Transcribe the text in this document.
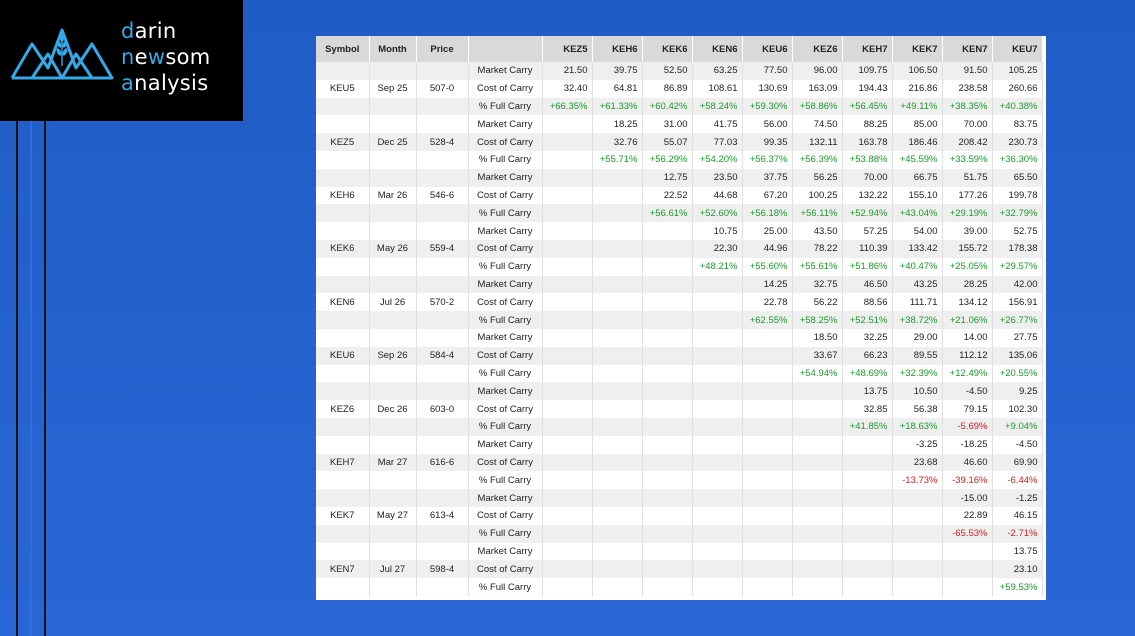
darin
newsom
analysis
Symbol	Month	Price		KEZ5	KEH6	KEK6	KEN6	KEU6	KEZ6	KEH7	KEK7	KEN7	KEU7
			Market Carry	21.50	39.75	52.50	63.25	77.50	96.00	109.75	106.50	91.50	105.25
KEU5	Sep 25	507-0	Cost of Carry	32.40	64.81	86.89	108.61	130.69	163.09	194.43	216.86	238.58	260.66
			% Full Carry	+66.35%	+61.33%	+60.42%	+58.24%	+59.30%	+58.86%	+56.45%	+49.11%	+38.35%	+40.38%
			Market Carry		18.25	31.00	41.75	56.00	74.50	88.25	85.00	70.00	83.75
KEZ5	Dec 25	528-4	Cost of Carry		32.76	55.07	77.03	99.35	132.11	163.78	186.46	208.42	230.73
			% Full Carry		+55.71%	+56.29%	+54.20%	+56.37%	+56.39%	+53.88%	+45.59%	+33.59%	+36.30%
			Market Carry			12.75	23.50	37.75	56.25	70.00	66.75	51.75	65.50
KEH6	Mar 26	546-6	Cost of Carry			22.52	44.68	67.20	100.25	132.22	155.10	177.26	199.78
			% Full Carry			+56.61%	+52.60%	+56.18%	+56.11%	+52.94%	+43.04%	+29.19%	+32.79%
			Market Carry				10.75	25.00	43.50	57.25	54.00	39.00	52.75
KEK6	May 26	559-4	Cost of Carry				22.30	44.96	78.22	110.39	133.42	155.72	178.38
			% Full Carry				+48.21%	+55.60%	+55.61%	+51.86%	+40.47%	+25.05%	+29.57%
			Market Carry					14.25	32.75	46.50	43.25	28.25	42.00
KEN6	Jul 26	570-2	Cost of Carry					22.78	56.22	88.56	111.71	134.12	156.91
			% Full Carry					+62.55%	+58.25%	+52.51%	+38.72%	+21.06%	+26.77%
			Market Carry						18.50	32.25	29.00	14.00	27.75
KEU6	Sep 26	584-4	Cost of Carry						33.67	66.23	89.55	112.12	135.06
			% Full Carry						+54.94%	+48.69%	+32.39%	+12.49%	+20.55%
			Market Carry							13.75	10.50	-4.50	9.25
KEZ6	Dec 26	603-0	Cost of Carry							32.85	56.38	79.15	102.30
			% Full Carry							+41.85%	+18.63%	-5.69%	+9.04%
			Market Carry								-3.25	-18.25	-4.50
KEH7	Mar 27	616-6	Cost of Carry								23.68	46.60	69.90
			% Full Carry								-13.73%	-39.16%	-6.44%
			Market Carry									-15.00	-1.25
KEK7	May 27	613-4	Cost of Carry									22.89	46.15
			% Full Carry									-65.53%	-2.71%
			Market Carry										13.75
KEN7	Jul 27	598-4	Cost of Carry										23.10
			% Full Carry										+59.53%
